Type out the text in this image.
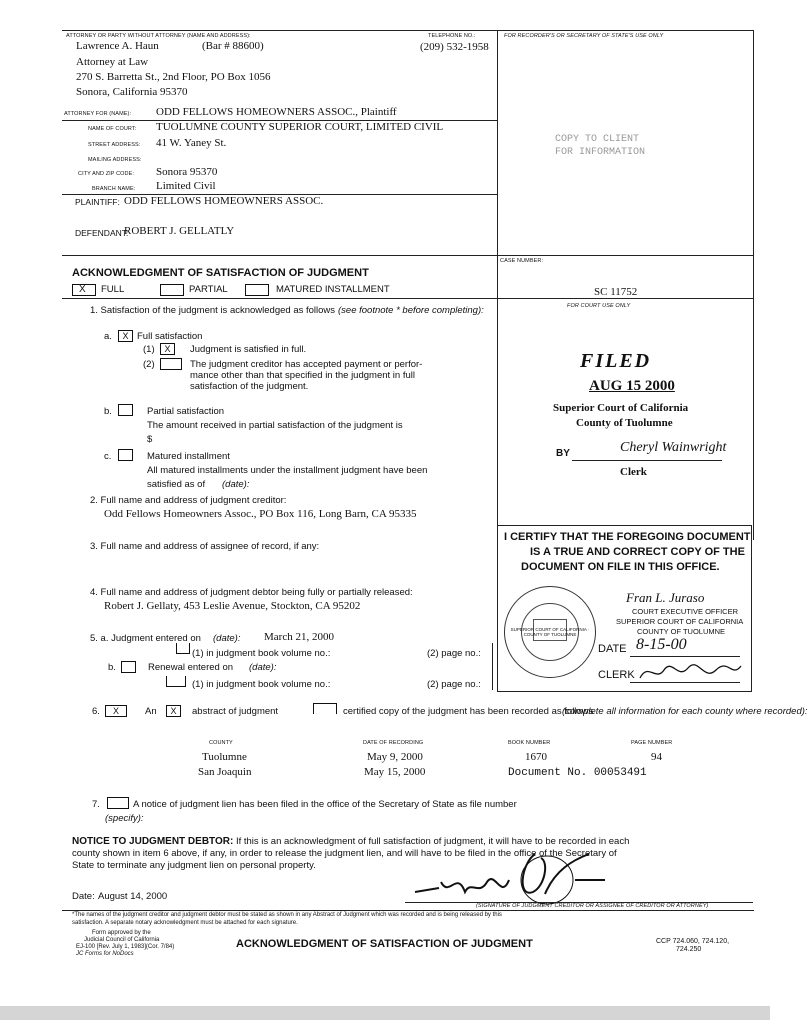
ATTORNEY OR PARTY WITHOUT ATTORNEY (NAME AND ADDRESS):	TELEPHONE NO.:	FOR RECORDER'S OR SECRETARY OF STATE'S USE ONLY
Lawrence A. Haun	(Bar # 88600)	(209) 532-1958
Attorney at Law
270 S. Barretta St., 2nd Floor, PO Box 1056
Sonora, California 95370
ATTORNEY FOR (NAME): ODD FELLOWS HOMEOWNERS ASSOC., Plaintiff
NAME OF COURT: TUOLUMNE COUNTY SUPERIOR COURT, LIMITED CIVIL
STREET ADDRESS: 41 W. Yaney St.
MAILING ADDRESS:
CITY AND ZIP CODE: Sonora 95370
BRANCH NAME: Limited Civil
PLAINTIFF: ODD FELLOWS HOMEOWNERS ASSOC.
DEFENDANT:
ROBERT J. GELLATLY
COPY TO CLIENT
FOR INFORMATION
CASE NUMBER:
ACKNOWLEDGMENT OF SATISFACTION OF JUDGMENT
X FULL	PARTIAL	MATURED INSTALLMENT	SC 11752
FOR COURT USE ONLY
FILED
AUG 15 2000
Superior Court of California
County of Tuolumne
BY	Cheryl Wainwright
Clerk
1. Satisfaction of the judgment is acknowledged as follows (see footnote * before completing):
a.	X Full satisfaction
(1)	X	Judgment is satisfied in full.
(2)	The judgment creditor has accepted payment or perfor-
mance other than that specified in the judgment in full
satisfaction of the judgment.
b.	Partial satisfaction
The amount received in partial satisfaction of the judgment is
$
c.	Matured installment
All matured installments under the installment judgment have been
satisfied as of (date):
2. Full name and address of judgment creditor:
Odd Fellows Homeowners Assoc., PO Box 116, Long Barn, CA 95335
3. Full name and address of assignee of record, if any:
I CERTIFY THAT THE FOREGOING DOCUMENT
IS A TRUE AND CORRECT COPY OF THE
DOCUMENT ON FILE IN THIS OFFICE.
SUPERIOR COURT OF CALIFORNIA · COUNTY OF TUOLUMNE
Fran L. Juraso
COURT EXECUTIVE OFFICER
SUPERIOR COURT OF CALIFORNIA
COUNTY OF TUOLUMNE
DATE 8-15-00
CLERK
4. Full name and address of judgment debtor being fully or partially released:
Robert J. Gellaty, 453 Leslie Avenue, Stockton, CA 95202
5. a. Judgment entered on (date): March 21, 2000
(1) in judgment book volume no.:	(2) page no.:
b.	Renewal entered on (date):
(1) in judgment book volume no.:	(2) page no.:
6.	X	An	X	abstract of judgment	certified copy of the judgment has been recorded as follows
(complete all information for each county where recorded):
COUNTY	DATE OF RECORDING	BOOK NUMBER	PAGE NUMBER
Tuolumne	May 9, 2000	1670	94
San Joaquin	May 15, 2000	Document No. 00053491
7.	A notice of judgment lien has been filed in the office of the Secretary of State as file number
(specify):
NOTICE TO JUDGMENT DEBTOR: If this is an acknowledgment of full satisfaction of judgment, it will have to be recorded in each
county shown in item 6 above, if any, in order to release the judgment lien, and will have to be filed in the office of the Secretary of
State to terminate any judgment lien on personal property.
Date: August 14, 2000
(SIGNATURE OF JUDGMENT CREDITOR OR ASSIGNEE OF CREDITOR OR ATTORNEY)
*The names of the judgment creditor and judgment debtor must be stated as shown in any Abstract of Judgment which was recorded and is being released by this
satisfaction. A separate notary acknowledgment must be attached for each signature.
Form approved by the
Judicial Council of California
EJ-100 [Rev. July 1, 1983](Cor. 7/84)
JC Forms for NoDocs
ACKNOWLEDGMENT OF SATISFACTION OF JUDGMENT	CCP 724.060, 724.120,
724.250
